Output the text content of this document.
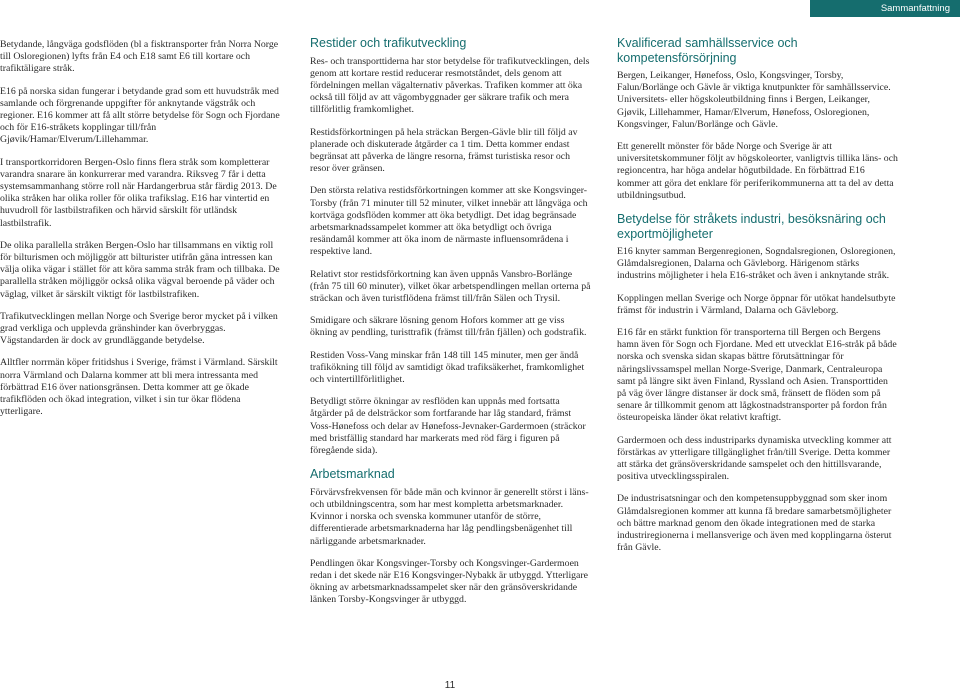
Sammanfattning

Betydande, långväga godsflöden (bl a fisktransporter från Norra Norge till Osloregionen) lyfts från E4 och E18 samt E6 till kortare och trafiktäligare stråk.

E16 på norska sidan fungerar i betydande grad som ett huvudstråk med samlande och förgrenande uppgifter för anknytande vägstråk och regioner. E16 kommer att få allt större betydelse för Sogn och Fjordane och för E16-stråkets kopplingar till/från Gjøvik/Hamar/Elverum/Lillehammar.

I transportkorridoren Bergen-Oslo finns flera stråk som kompletterar varandra snarare än konkurrerar med varandra. Riksveg 7 får i detta systemsammanhang större roll när Hardangerbrua står färdig 2013. De olika stråken har olika roller för olika trafikslag. E16 har vintertid en huvudroll för lastbilstrafiken och härvid särskilt för utländsk lastbilstrafik.

De olika parallella stråken Bergen-Oslo har tillsammans en viktig roll för bilturismen och möjliggör att bilturister utifrån gäna intressen kan välja olika vägar i stället för att köra samma stråk fram och tillbaka. De parallella stråken möjliggör också olika vägval beroende på väder och väglag, vilket är särskilt viktigt för lastbilstrafiken.

Trafikutvecklingen mellan Norge och Sverige beror mycket på i vilken grad verkliga och upplevda gränshinder kan överbryggas. Vägstandarden är dock av grundläggande betydelse.

Alltfler norrmän köper fritidshus i Sverige, främst i Värmland. Särskilt norra Värmland och Dalarna kommer att bli mera intressanta med förbättrad E16 över nationsgränsen. Detta kommer att ge ökade trafikflöden och ökad integration, vilket i sin tur ökar flödena ytterligare.

Restider och trafikutveckling

Res- och transporttiderna har stor betydelse för trafikutvecklingen, dels genom att kortare restid reducerar resmotståndet, dels genom att fördelningen mellan vägalternativ påverkas. Trafiken kommer att öka också till följd av att vägombyggnader ger säkrare trafik och mera tillförlitlig framkomlighet.

Restidsförkortningen på hela sträckan Bergen-Gävle blir till följd av planerade och diskuterade åtgärder ca 1 tim. Detta kommer endast begränsat att påverka de längre resorna, främst turistiska resor och resor över gränsen.

Den största relativa restidsförkortningen kommer att ske Kongsvinger-Torsby (från 71 minuter till 52 minuter, vilket innebär att långväga och kortväga godsflöden kommer att öka betydligt. Det idag begränsade arbetsmarknadssampelet kommer att öka betydligt och övriga resändamål kommer att öka inom de närmaste influensområdena i respektive land.

Relativt stor restidsförkortning kan även uppnås Vansbro-Borlänge (från 75 till 60 minuter), vilket ökar arbetspendlingen mellan orterna på sträckan och även turistflödena främst till/från Sälen och Trysil.

Smidigare och säkrare lösning genom Hofors kommer att ge viss ökning av pendling, turisttrafik (främst till/från fjällen) och godstrafik.

Restiden Voss-Vang minskar från 148 till 145 minuter, men ger ändå trafikökning till följd av samtidigt ökad trafiksäkerhet, framkomlighet och vintertillförlitlighet.

Betydligt större ökningar av resflöden kan uppnås med fortsatta åtgärder på de delsträckor som fortfarande har låg standard, främst Voss-Hønefoss och delar av Hønefoss-Jevnaker-Gardermoen (sträckor med bristfällig standard har markerats med röd färg i figuren på föregående sida).

Arbetsmarknad

Förvärvsfrekvensen för både män och kvinnor är generellt störst i läns-och utbildningscentra, som har mest kompletta arbetsmarknader. Kvinnor i norska och svenska kommuner utanför de större, differentierade arbetsmarknaderna har låg pendlingsbenägenhet till närliggande arbetsmarknader.

Pendlingen ökar Kongsvinger-Torsby och Kongsvinger-Gardermoen redan i det skede när E16 Kongsvinger-Nybakk är utbyggd. Ytterligare ökning av arbetsmarknadssampelet sker när den gränsöverskridande länken Torsby-Kongsvinger är utbyggd.

Kvalificerad samhällsservice och kompetensförsörjning

Bergen, Leikanger, Hønefoss, Oslo, Kongsvinger, Torsby, Falun/Borlänge och Gävle är viktiga knutpunkter för samhällsservice. Universitets- eller högskoleutbildning finns i Bergen, Leikanger, Gjøvik, Lillehammer, Hamar/Elverum, Hønefoss, Osloregionen, Kongsvinger, Falun/Borlänge och Gävle.

Ett generellt mönster för både Norge och Sverige är att universitetskommuner följt av högskoleorter, vanligtvis tillika läns- och regioncentra, har höga andelar högutbildade. En förbättrad E16 kommer att göra det enklare för periferikommunerna att ta del av detta utbildningsutbud.

Betydelse för stråkets industri, besöksnäring och exportmöjligheter

E16 knyter samman Bergenregionen, Sogndalsregionen, Osloregionen, Glåmdalsregionen, Dalarna och Gävleborg. Härigenom stärks industrins möjligheter i hela E16-stråket och även i anknytande stråk.

Kopplingen mellan Sverige och Norge öppnar för utökat handelsutbyte främst för industrin i Värmland, Dalarna och Gävleborg.

E16 får en stärkt funktion för transporterna till Bergen och Bergens hamn även för Sogn och Fjordane. Med ett utvecklat E16-stråk på både norska och svenska sidan skapas bättre förutsättningar för näringslivssamspel mellan Norge-Sverige, Danmark, Centraleuropa samt på längre sikt även Finland, Ryssland och Asien. Transporttiden på väg över längre distanser är dock små, fränsett de flöden som på senare år tillkommit genom att lågkostnadstransporter på fordon från östeuropeiska länder ökat relativt kraftigt.

Gardermoen och dess industriparks dynamiska utveckling kommer att förstärkas av ytterligare tillgänglighet från/till Sverige. Detta kommer att stärka det gränsöverskridande samspelet och den hittillsvarande, positiva utvecklingsspiralen.

De industrisatsningar och den kompetensuppbyggnad som sker inom Glåmdalsregionen kommer att kunna få bredare samarbetsmöjligheter och bättre marknad genom den ökade integrationen med de starka industriregionerna i mellansverige och även med kopplingarna österut från Gävle.

11
